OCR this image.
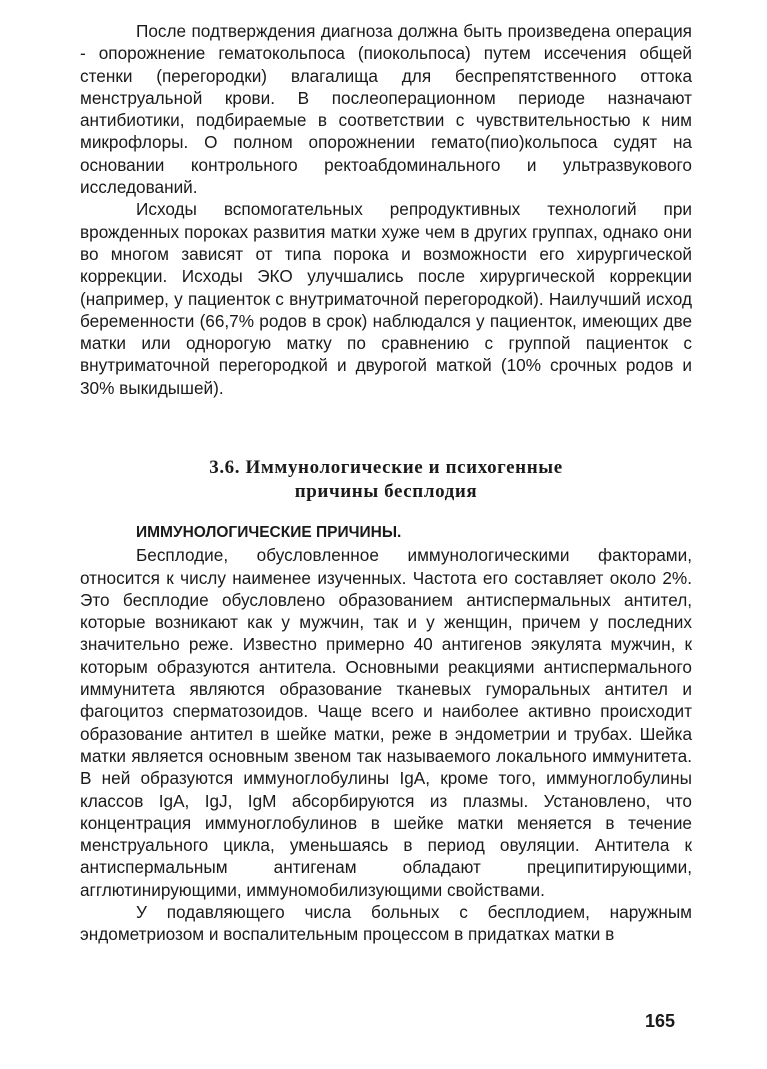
После подтверждения диагноза должна быть произведена операция - опорожнение гематокольпоса (пиокольпоса) путем иссечения общей стенки (перегородки) влагалища для беспрепятственного оттока менструальной крови. В послеоперационном периоде назначают антибиотики, подбираемые в соответствии с чувствительностью к ним микрофлоры. О полном опорожнении гемато(пио)кольпоса судят на основании контрольного ректоабдоминального и ультразвукового исследований.

Исходы вспомогательных репродуктивных технологий при врожденных пороках развития матки хуже чем в других группах, однако они во многом зависят от типа порока и возможности его хирургической коррекции. Исходы ЭКО улучшались после хирургической коррекции (например, у пациенток с внутриматочной перегородкой). Наилучший исход беременности (66,7% родов в срок) наблюдался у пациенток, имеющих две матки или однорогую матку по сравнению с группой пациенток с внутриматочной перегородкой и двурогой маткой (10% срочных родов и 30% выкидышей).

3.6. Иммунологические и психогенные
причины бесплодия

ИММУНОЛОГИЧЕСКИЕ ПРИЧИНЫ.

Бесплодие, обусловленное иммунологическими факторами, относится к числу наименее изученных. Частота его составляет около 2%. Это бесплодие обусловлено образованием антиспермальных антител, которые возникают как у мужчин, так и у женщин, причем у последних значительно реже. Известно примерно 40 антигенов эякулята мужчин, к которым образуются антитела. Основными реакциями антиспермального иммунитета являются образование тканевых гуморальных антител и фагоцитоз сперматозоидов. Чаще всего и наиболее активно происходит образование антител в шейке матки, реже в эндометрии и трубах. Шейка матки является основным звеном так называемого локального иммунитета. В ней образуются иммуноглобулины IgA, кроме того, иммуноглобулины классов IgA, IgJ, IgM абсорбируются из плазмы. Установлено, что концентрация иммуноглобулинов в шейке матки меняется в течение менструального цикла, уменьшаясь в период овуляции. Антитела к антиспермальным антигенам обладают преципитирующими, агглютинирующими, иммуномобилизующими свойствами.

У подавляющего числа больных с бесплодием, наружным эндометриозом и воспалительным процессом в придатках матки в

165
